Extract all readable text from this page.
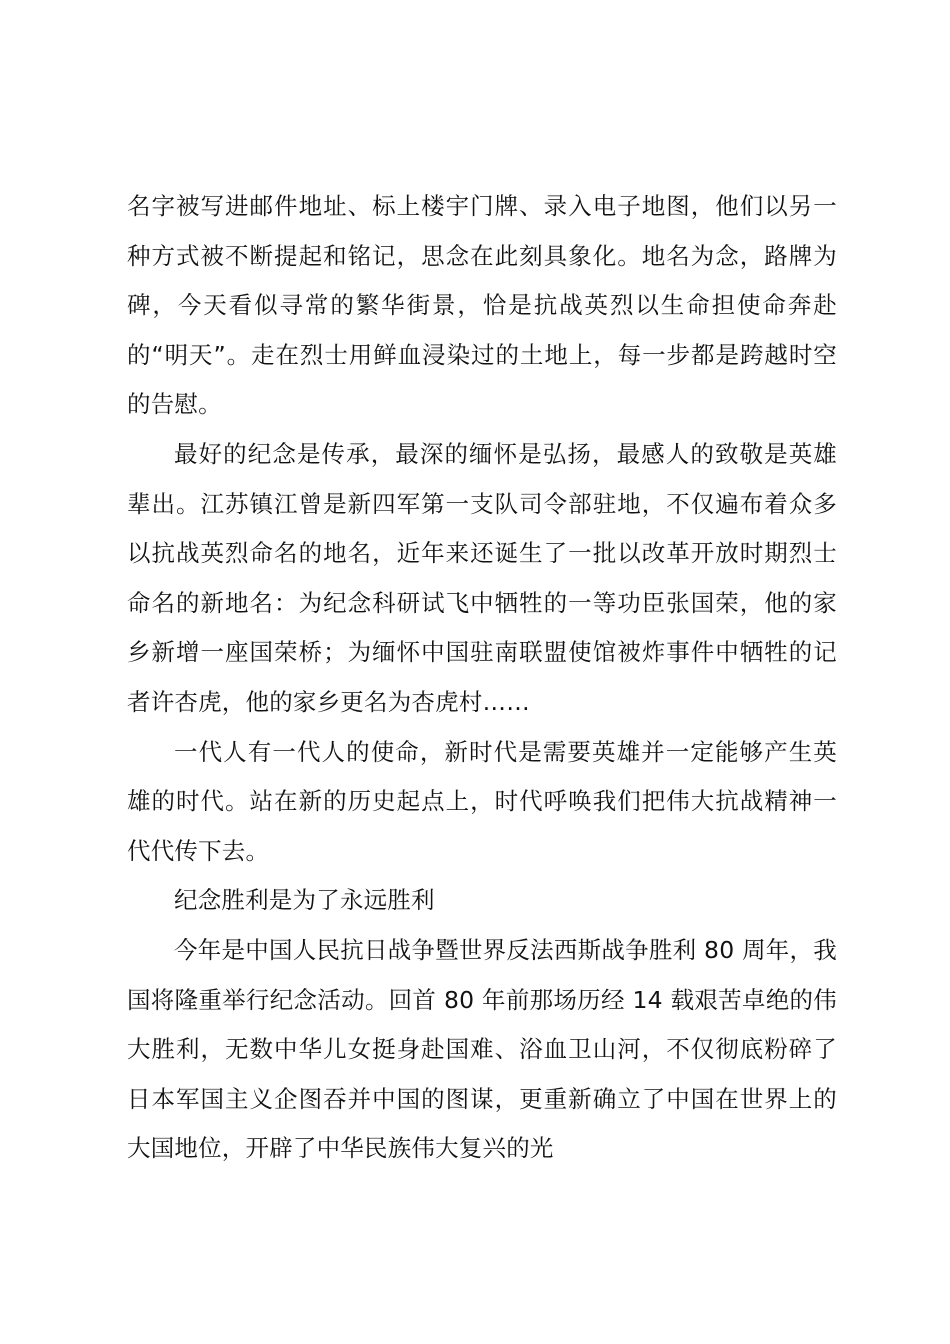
名字被写进邮件地址、标上楼宇门牌、录入电子地图，他们以另一种方式被不断提起和铭记，思念在此刻具象化。地名为念，路牌为碑，今天看似寻常的繁华街景，恰是抗战英烈以生命担使命奔赴的“明天”。走在烈士用鲜血浸染过的土地上，每一步都是跨越时空的告慰。

最好的纪念是传承，最深的缅怀是弘扬，最感人的致敬是英雄辈出。江苏镇江曾是新四军第一支队司令部驻地，不仅遍布着众多以抗战英烈命名的地名，近年来还诞生了一批以改革开放时期烈士命名的新地名：为纪念科研试飞中牺牲的一等功臣张国荣，他的家乡新增一座国荣桥；为缅怀中国驻南联盟使馆被炸事件中牺牲的记者许杏虎，他的家乡更名为杏虎村……

一代人有一代人的使命，新时代是需要英雄并一定能够产生英雄的时代。站在新的历史起点上，时代呼唤我们把伟大抗战精神一代代传下去。

纪念胜利是为了永远胜利

今年是中国人民抗日战争暨世界反法西斯战争胜利 80 周年，我国将隆重举行纪念活动。回首 80 年前那场历经 14 载艰苦卓绝的伟大胜利，无数中华儿女挺身赴国难、浴血卫山河，不仅彻底粉碎了日本军国主义企图吞并中国的图谋，更重新确立了中国在世界上的大国地位，开辟了中华民族伟大复兴的光
